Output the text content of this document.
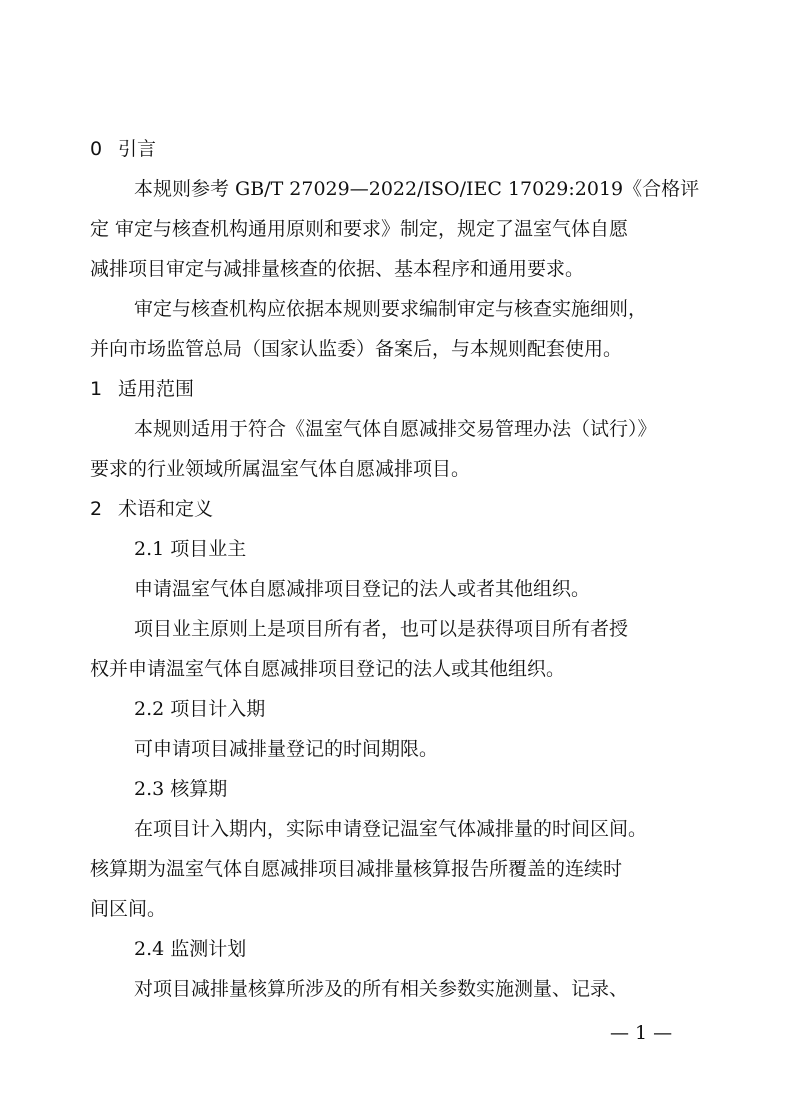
0 引言
本规则参考 GB/T 27029—2022/ISO/IEC 17029:2019《合格评
定 审定与核查机构通用原则和要求》制定，规定了温室气体自愿
减排项目审定与减排量核查的依据、基本程序和通用要求。
审定与核查机构应依据本规则要求编制审定与核查实施细则，
并向市场监管总局（国家认监委）备案后，与本规则配套使用。
1 适用范围
本规则适用于符合《温室气体自愿减排交易管理办法（试行）》
要求的行业领域所属温室气体自愿减排项目。
2 术语和定义
2.1 项目业主
申请温室气体自愿减排项目登记的法人或者其他组织。
项目业主原则上是项目所有者，也可以是获得项目所有者授
权并申请温室气体自愿减排项目登记的法人或其他组织。
2.2 项目计入期
可申请项目减排量登记的时间期限。
2.3 核算期
在项目计入期内，实际申请登记温室气体减排量的时间区间。
核算期为温室气体自愿减排项目减排量核算报告所覆盖的连续时
间区间。
2.4 监测计划
对项目减排量核算所涉及的所有相关参数实施测量、记录、
— 1 —
